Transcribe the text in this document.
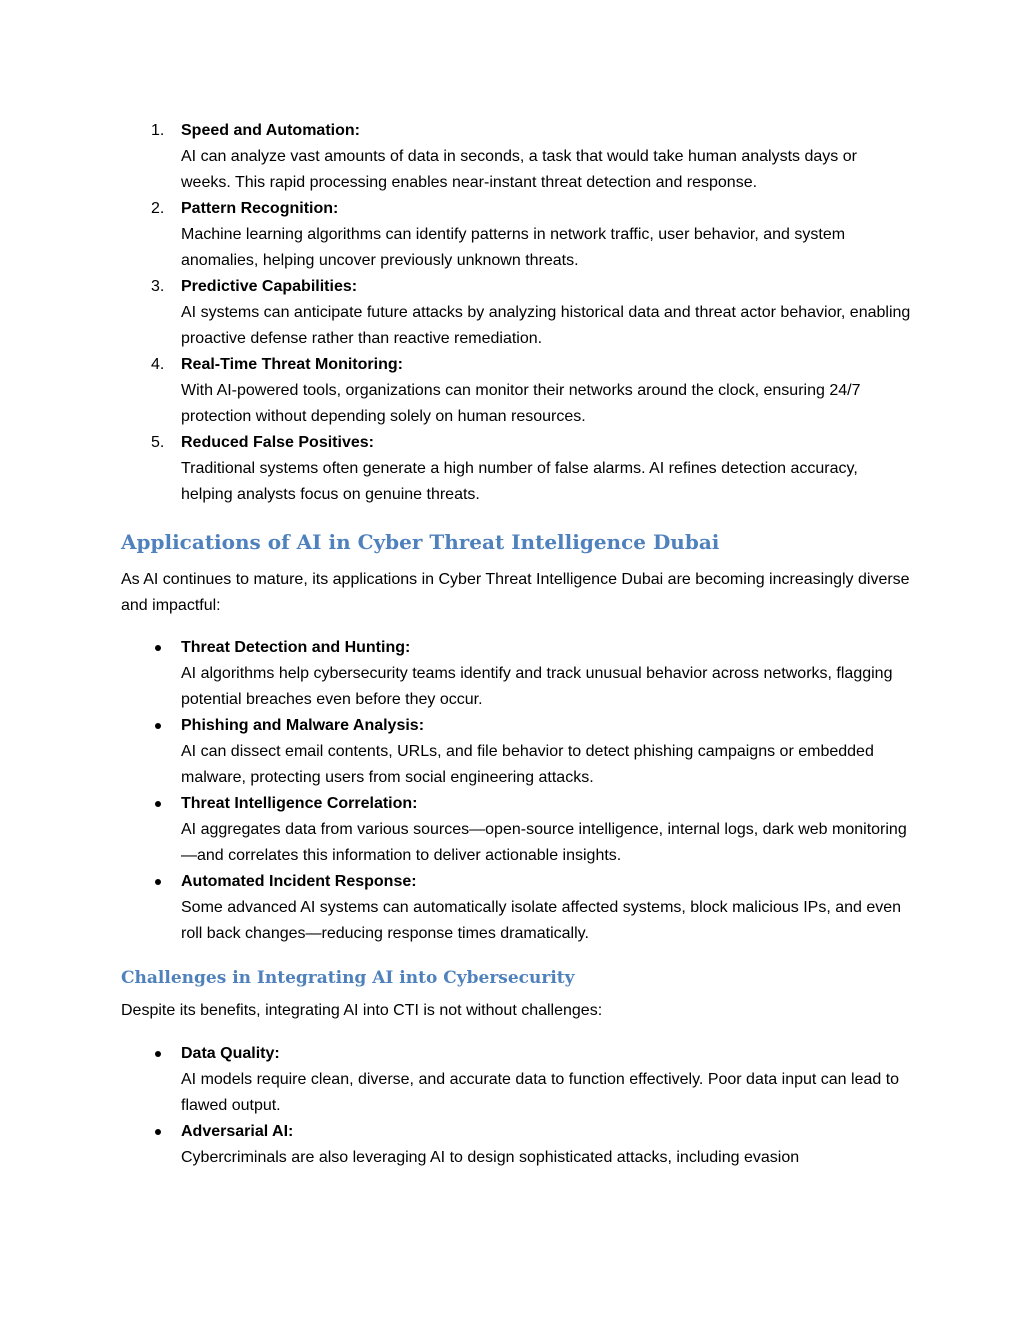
1. Speed and Automation:
AI can analyze vast amounts of data in seconds, a task that would take human analysts days or weeks. This rapid processing enables near-instant threat detection and response.
2. Pattern Recognition:
Machine learning algorithms can identify patterns in network traffic, user behavior, and system anomalies, helping uncover previously unknown threats.
3. Predictive Capabilities:
AI systems can anticipate future attacks by analyzing historical data and threat actor behavior, enabling proactive defense rather than reactive remediation.
4. Real-Time Threat Monitoring:
With AI-powered tools, organizations can monitor their networks around the clock, ensuring 24/7 protection without depending solely on human resources.
5. Reduced False Positives:
Traditional systems often generate a high number of false alarms. AI refines detection accuracy, helping analysts focus on genuine threats.
Applications of AI in Cyber Threat Intelligence Dubai
As AI continues to mature, its applications in Cyber Threat Intelligence Dubai are becoming increasingly diverse and impactful:
Threat Detection and Hunting:
AI algorithms help cybersecurity teams identify and track unusual behavior across networks, flagging potential breaches even before they occur.
Phishing and Malware Analysis:
AI can dissect email contents, URLs, and file behavior to detect phishing campaigns or embedded malware, protecting users from social engineering attacks.
Threat Intelligence Correlation:
AI aggregates data from various sources—open-source intelligence, internal logs, dark web monitoring—and correlates this information to deliver actionable insights.
Automated Incident Response:
Some advanced AI systems can automatically isolate affected systems, block malicious IPs, and even roll back changes—reducing response times dramatically.
Challenges in Integrating AI into Cybersecurity
Despite its benefits, integrating AI into CTI is not without challenges:
Data Quality:
AI models require clean, diverse, and accurate data to function effectively. Poor data input can lead to flawed output.
Adversarial AI:
Cybercriminals are also leveraging AI to design sophisticated attacks, including evasion
